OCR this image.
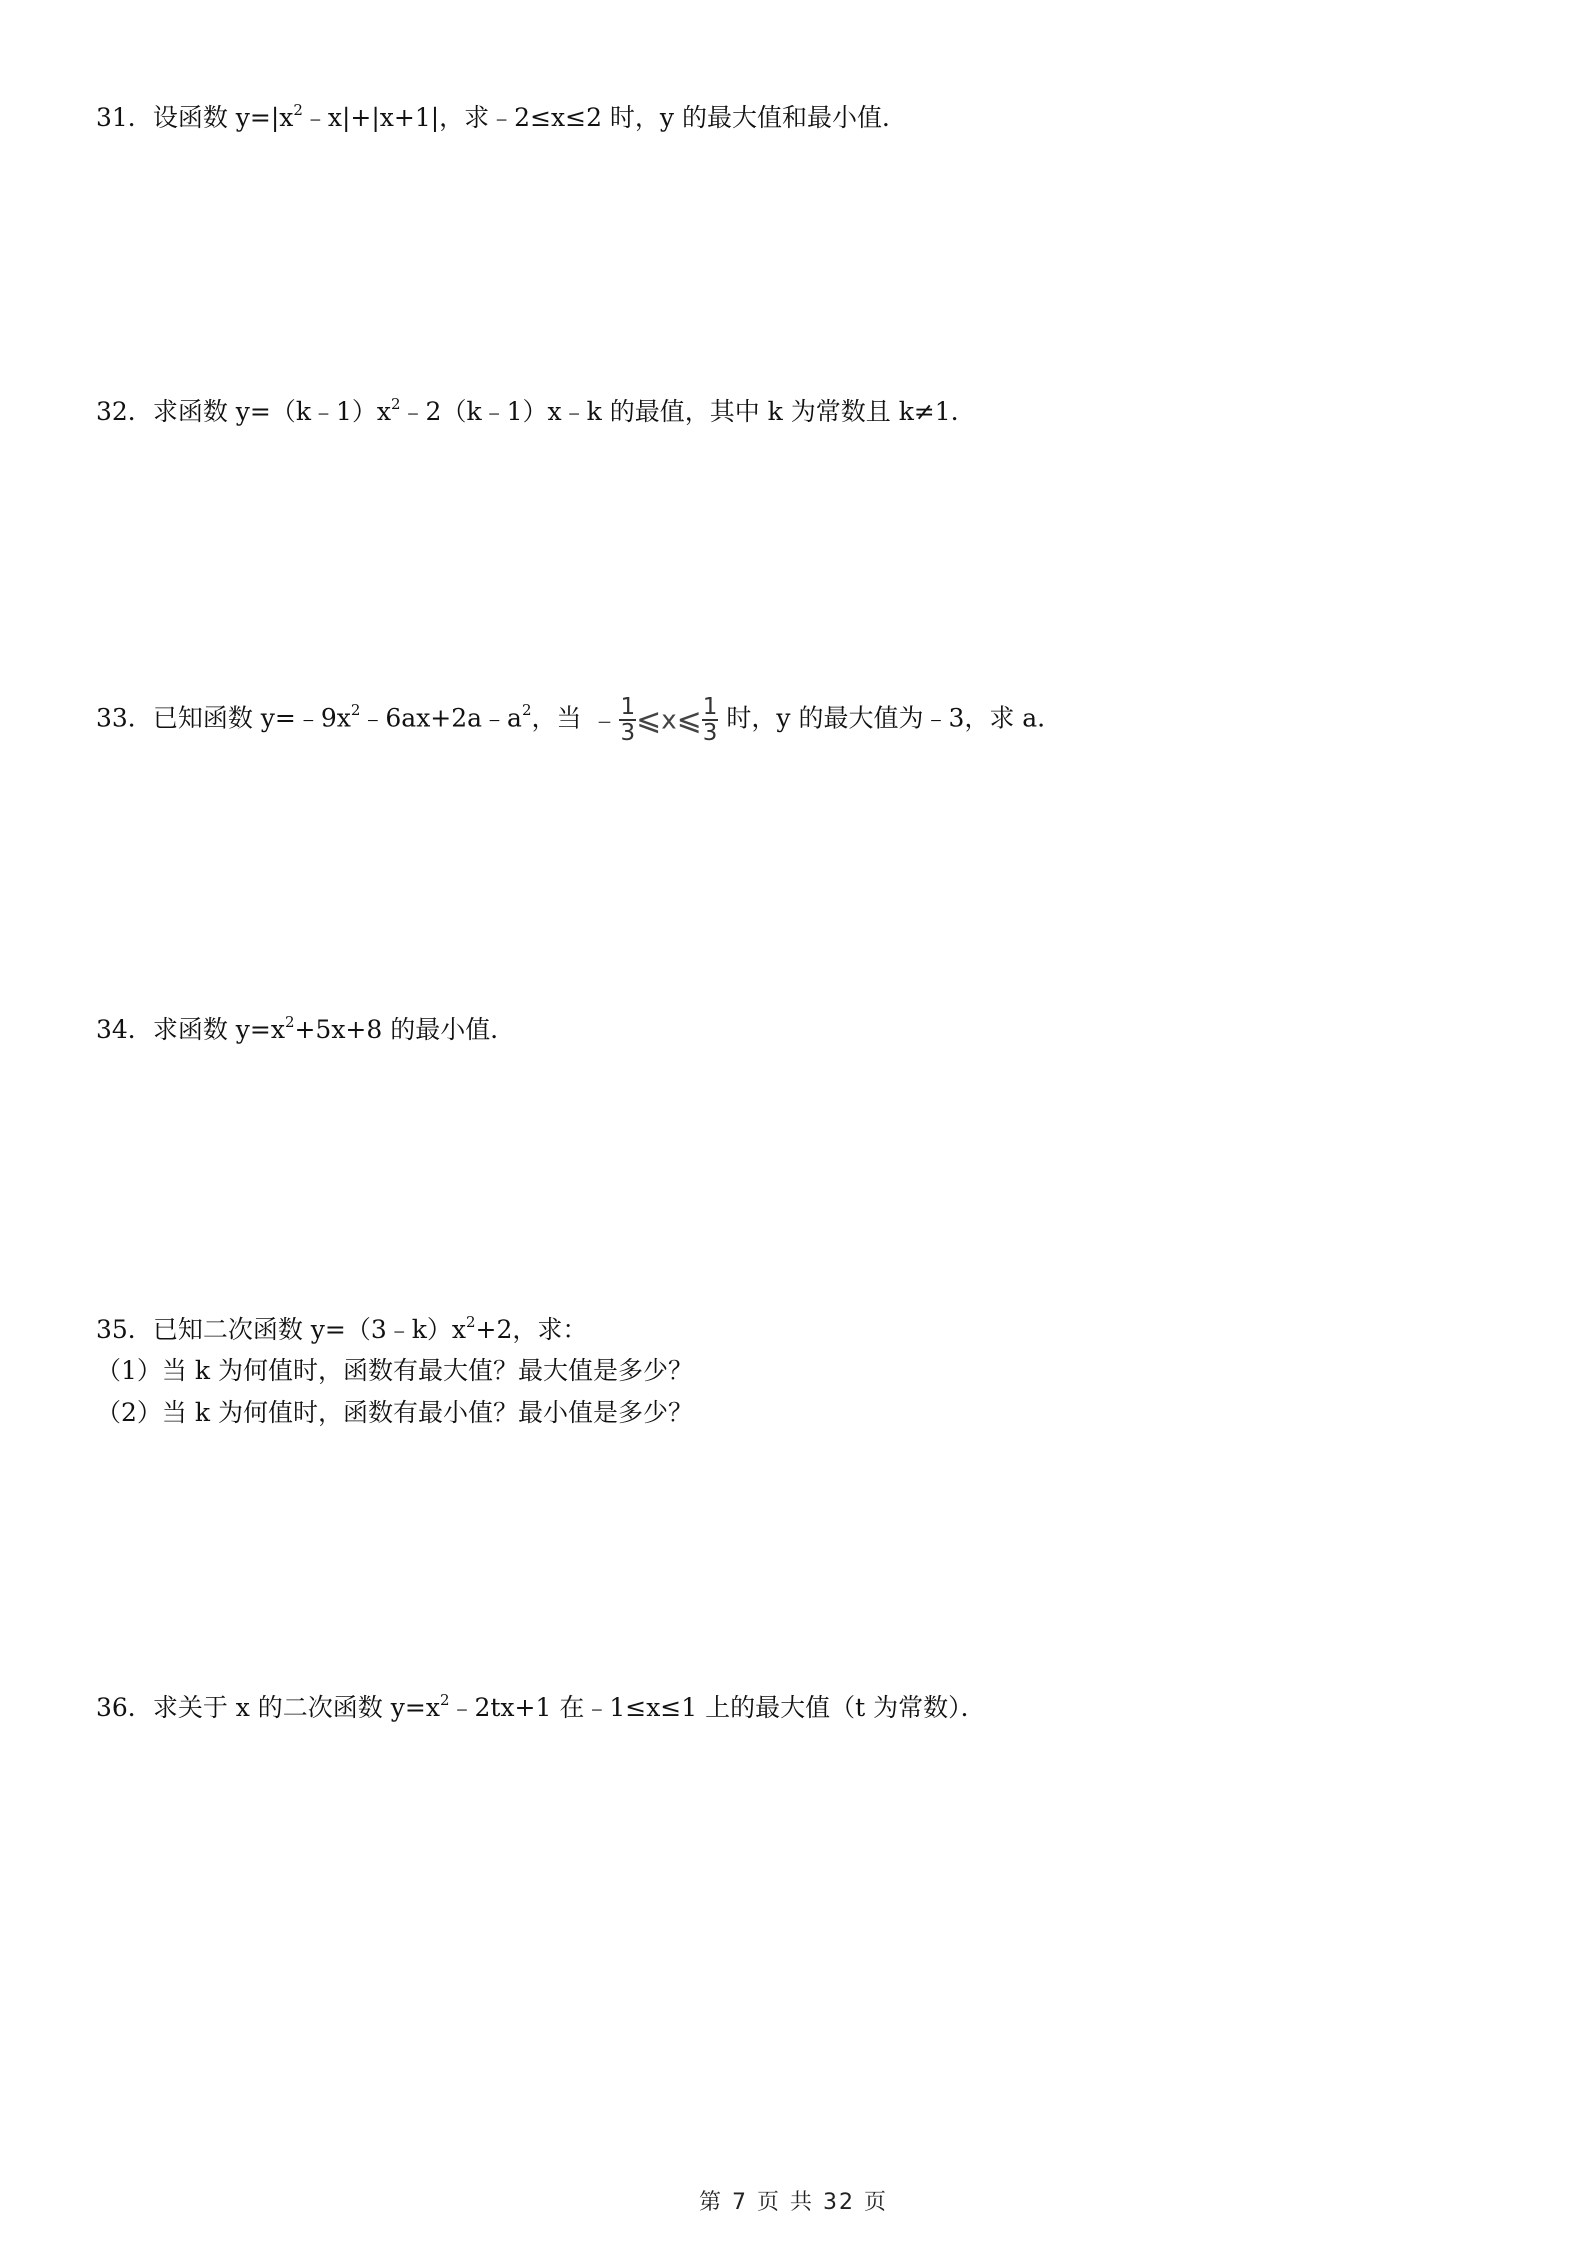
31．设函数 $y=|x^2﹣x|+|x+1|$，求﹣2≤x≤2 时，y 的最大值和最小值．
32．求函数 $y=(k﹣1)x^2﹣2(k﹣1)x﹣k$ 的最值，其中 k 为常数且 k≠1．
33．已知函数 $y=﹣9x^2﹣6ax+2a﹣a^2$，当 ﹣ $\frac{1}{3}$ ⩽x⩽ $\frac{1}{3}$ 时，y 的最大值为﹣3，求 a．
34．求函数 $y=x^2+5x+8$ 的最小值．
35．已知二次函数 $y=(3﹣k)x^2+2$，求：
（1）当 k 为何值时，函数有最大值？最大值是多少？
（2）当 k 为何值时，函数有最小值？最小值是多少？
36．求关于 x 的二次函数 $y=x^2﹣2tx+1$ 在﹣1≤x≤1 上的最大值（t 为常数）．
第 7 页 共 32 页
